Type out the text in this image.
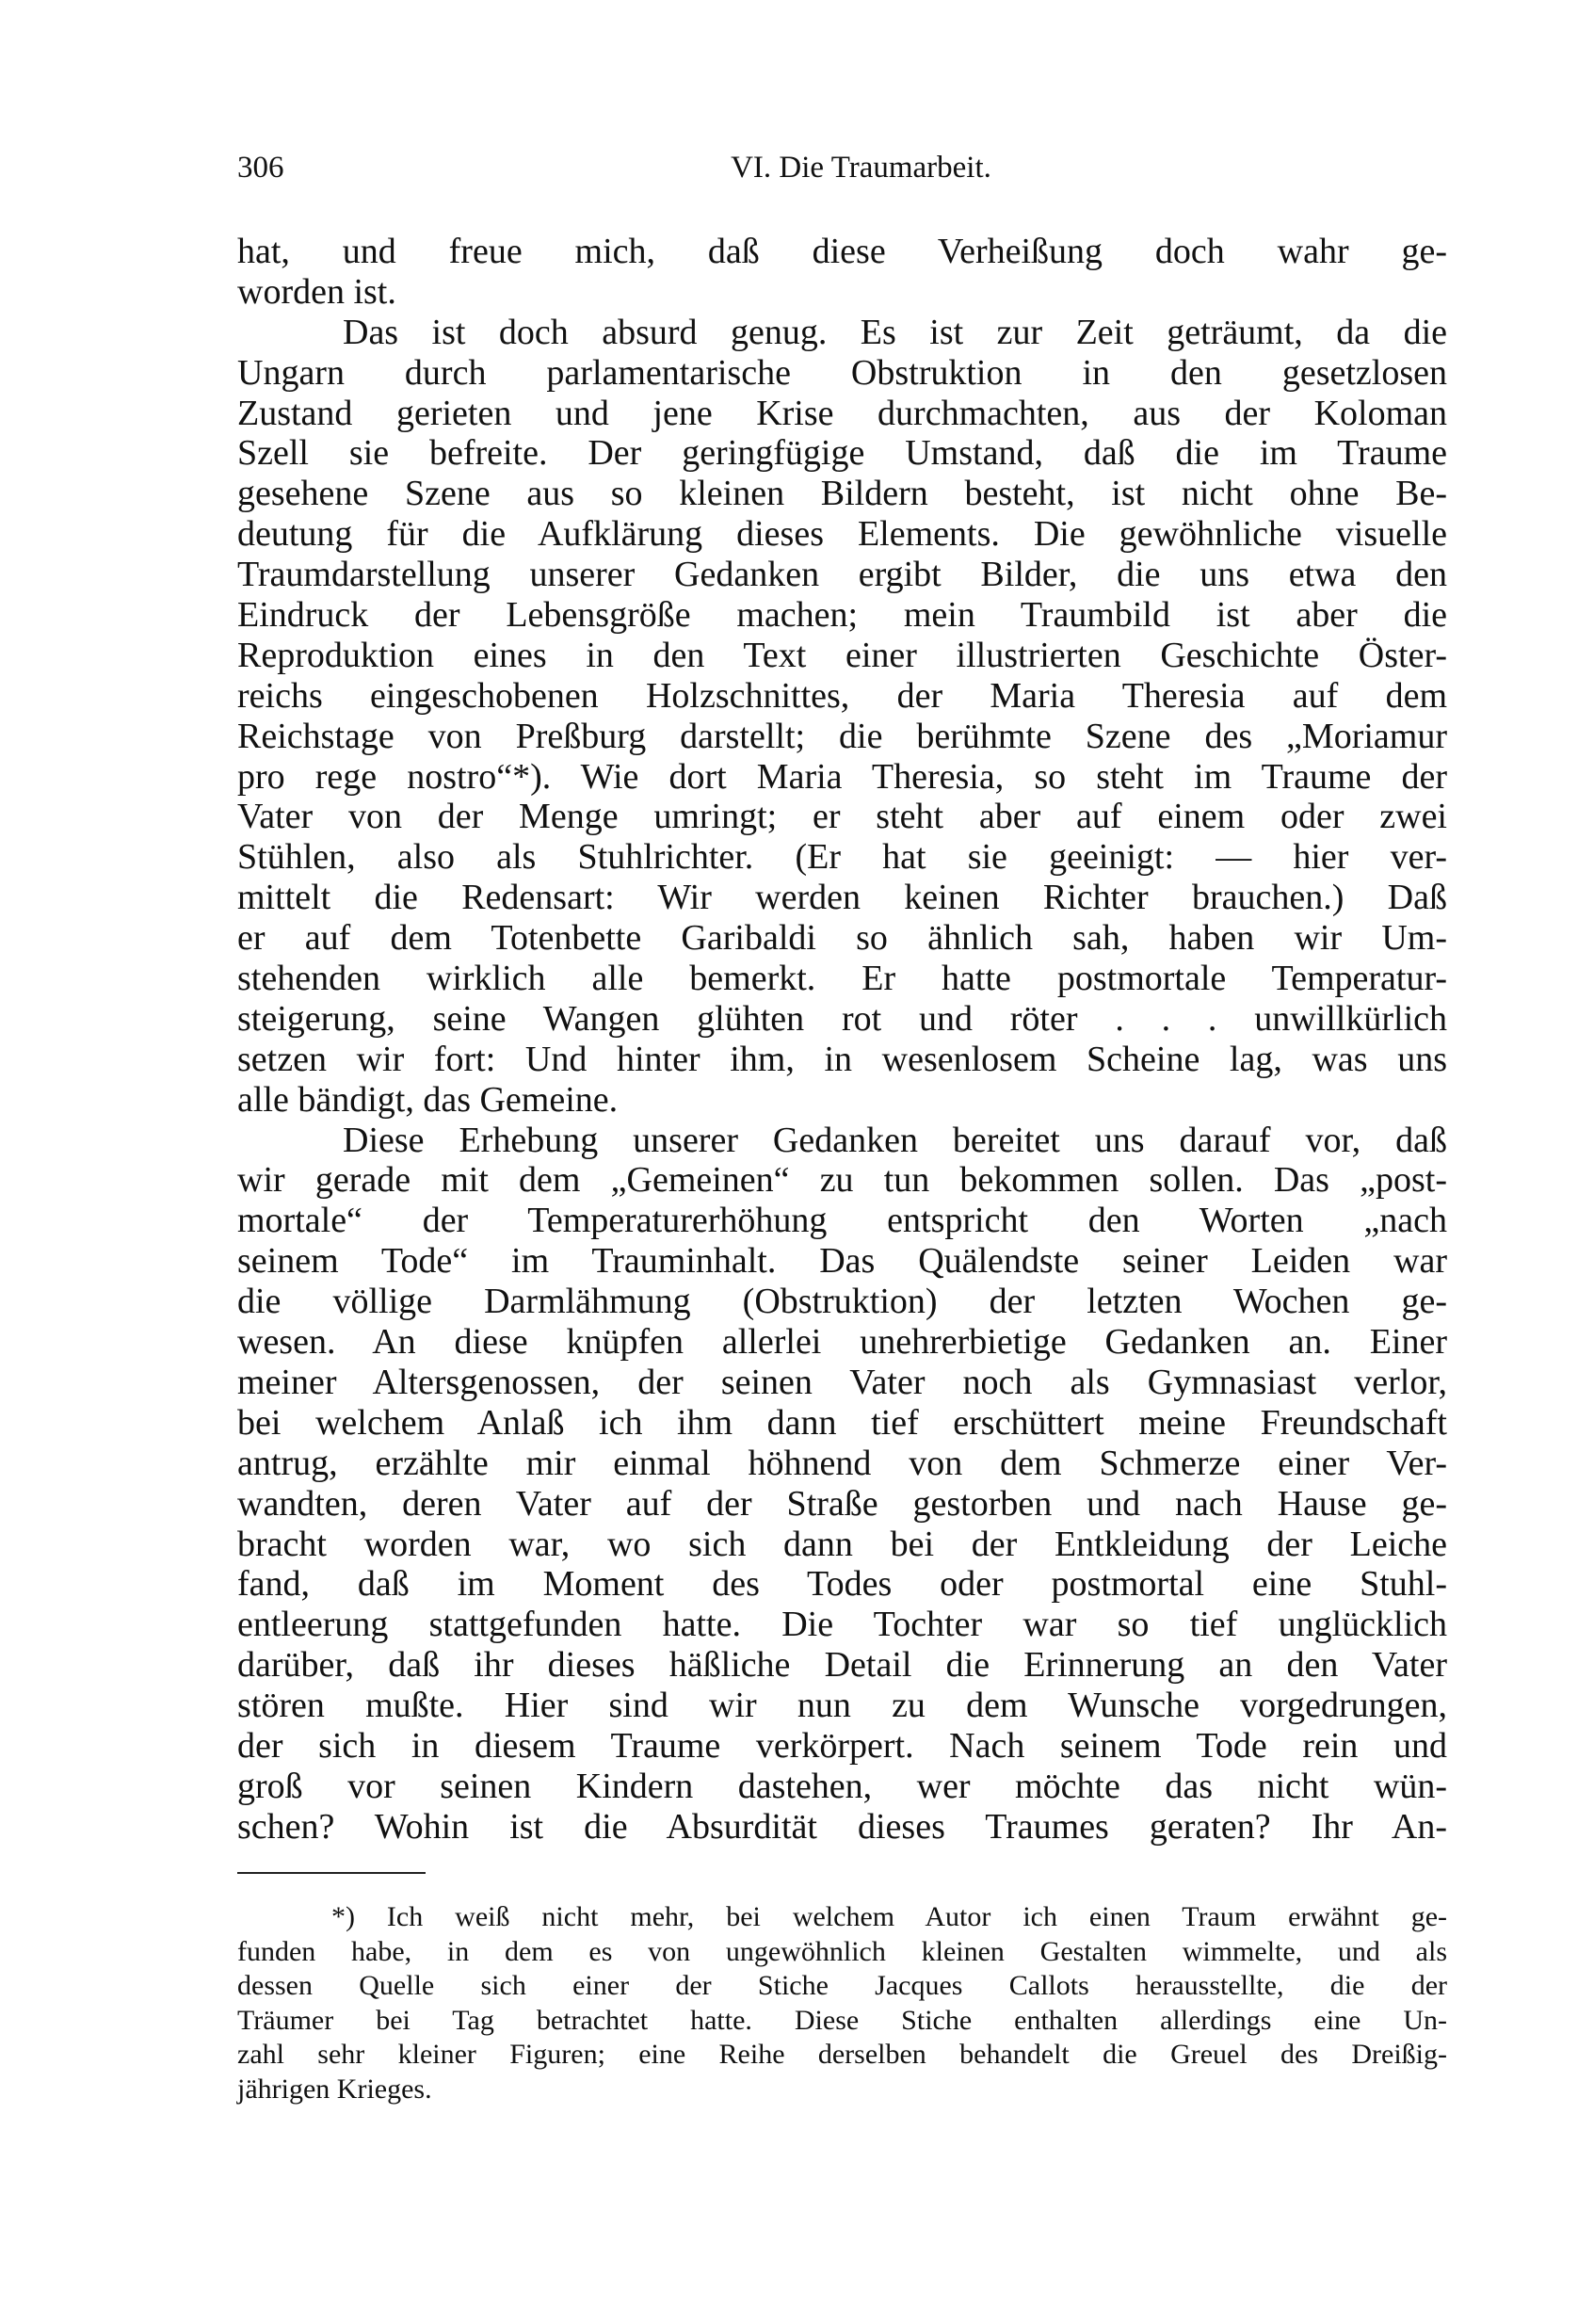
306	VI. Die Traumarbeit.
hat, und freue mich, daß diese Verheißung doch wahr ge-
worden ist.
Das ist doch absurd genug. Es ist zur Zeit geträumt, da die
Ungarn durch parlamentarische Obstruktion in den gesetzlosen
Zustand gerieten und jene Krise durchmachten, aus der Koloman
Szell sie befreite. Der geringfügige Umstand, daß die im Traume
gesehene Szene aus so kleinen Bildern besteht, ist nicht ohne Be-
deutung für die Aufklärung dieses Elements. Die gewöhnliche visuelle
Traumdarstellung unserer Gedanken ergibt Bilder, die uns etwa den
Eindruck der Lebensgröße machen; mein Traumbild ist aber die
Reproduktion eines in den Text einer illustrierten Geschichte Öster-
reichs eingeschobenen Holzschnittes, der Maria Theresia auf dem
Reichstage von Preßburg darstellt; die berühmte Szene des „Moriamur
pro rege nostro“*). Wie dort Maria Theresia, so steht im Traume der
Vater von der Menge umringt; er steht aber auf einem oder zwei
Stühlen, also als Stuhlrichter. (Er hat sie geeinigt: — hier ver-
mittelt die Redensart: Wir werden keinen Richter brauchen.) Daß
er auf dem Totenbette Garibaldi so ähnlich sah, haben wir Um-
stehenden wirklich alle bemerkt. Er hatte postmortale Temperatur-
steigerung, seine Wangen glühten rot und röter . . . unwillkürlich
setzen wir fort: Und hinter ihm, in wesenlosem Scheine lag, was uns
alle bändigt, das Gemeine.
Diese Erhebung unserer Gedanken bereitet uns darauf vor, daß
wir gerade mit dem „Gemeinen“ zu tun bekommen sollen. Das „post-
mortale“ der Temperaturerhöhung entspricht den Worten „nach
seinem Tode“ im Trauminhalt. Das Quälendste seiner Leiden war
die völlige Darmlähmung (Obstruktion) der letzten Wochen ge-
wesen. An diese knüpfen allerlei unehrerbietige Gedanken an. Einer
meiner Altersgenossen, der seinen Vater noch als Gymnasiast verlor,
bei welchem Anlaß ich ihm dann tief erschüttert meine Freundschaft
antrug, erzählte mir einmal höhnend von dem Schmerze einer Ver-
wandten, deren Vater auf der Straße gestorben und nach Hause ge-
bracht worden war, wo sich dann bei der Entkleidung der Leiche
fand, daß im Moment des Todes oder postmortal eine Stuhl-
entleerung stattgefunden hatte. Die Tochter war so tief unglücklich
darüber, daß ihr dieses häßliche Detail die Erinnerung an den Vater
stören mußte. Hier sind wir nun zu dem Wunsche vorgedrungen,
der sich in diesem Traume verkörpert. Nach seinem Tode rein und
groß vor seinen Kindern dastehen, wer möchte das nicht wün-
schen? Wohin ist die Absurdität dieses Traumes geraten? Ihr An-
*) Ich weiß nicht mehr, bei welchem Autor ich einen Traum erwähnt ge-
funden habe, in dem es von ungewöhnlich kleinen Gestalten wimmelte, und als
dessen Quelle sich einer der Stiche Jacques Callots herausstellte, die der
Träumer bei Tag betrachtet hatte. Diese Stiche enthalten allerdings eine Un-
zahl sehr kleiner Figuren; eine Reihe derselben behandelt die Greuel des Dreißig-
jährigen Krieges.
